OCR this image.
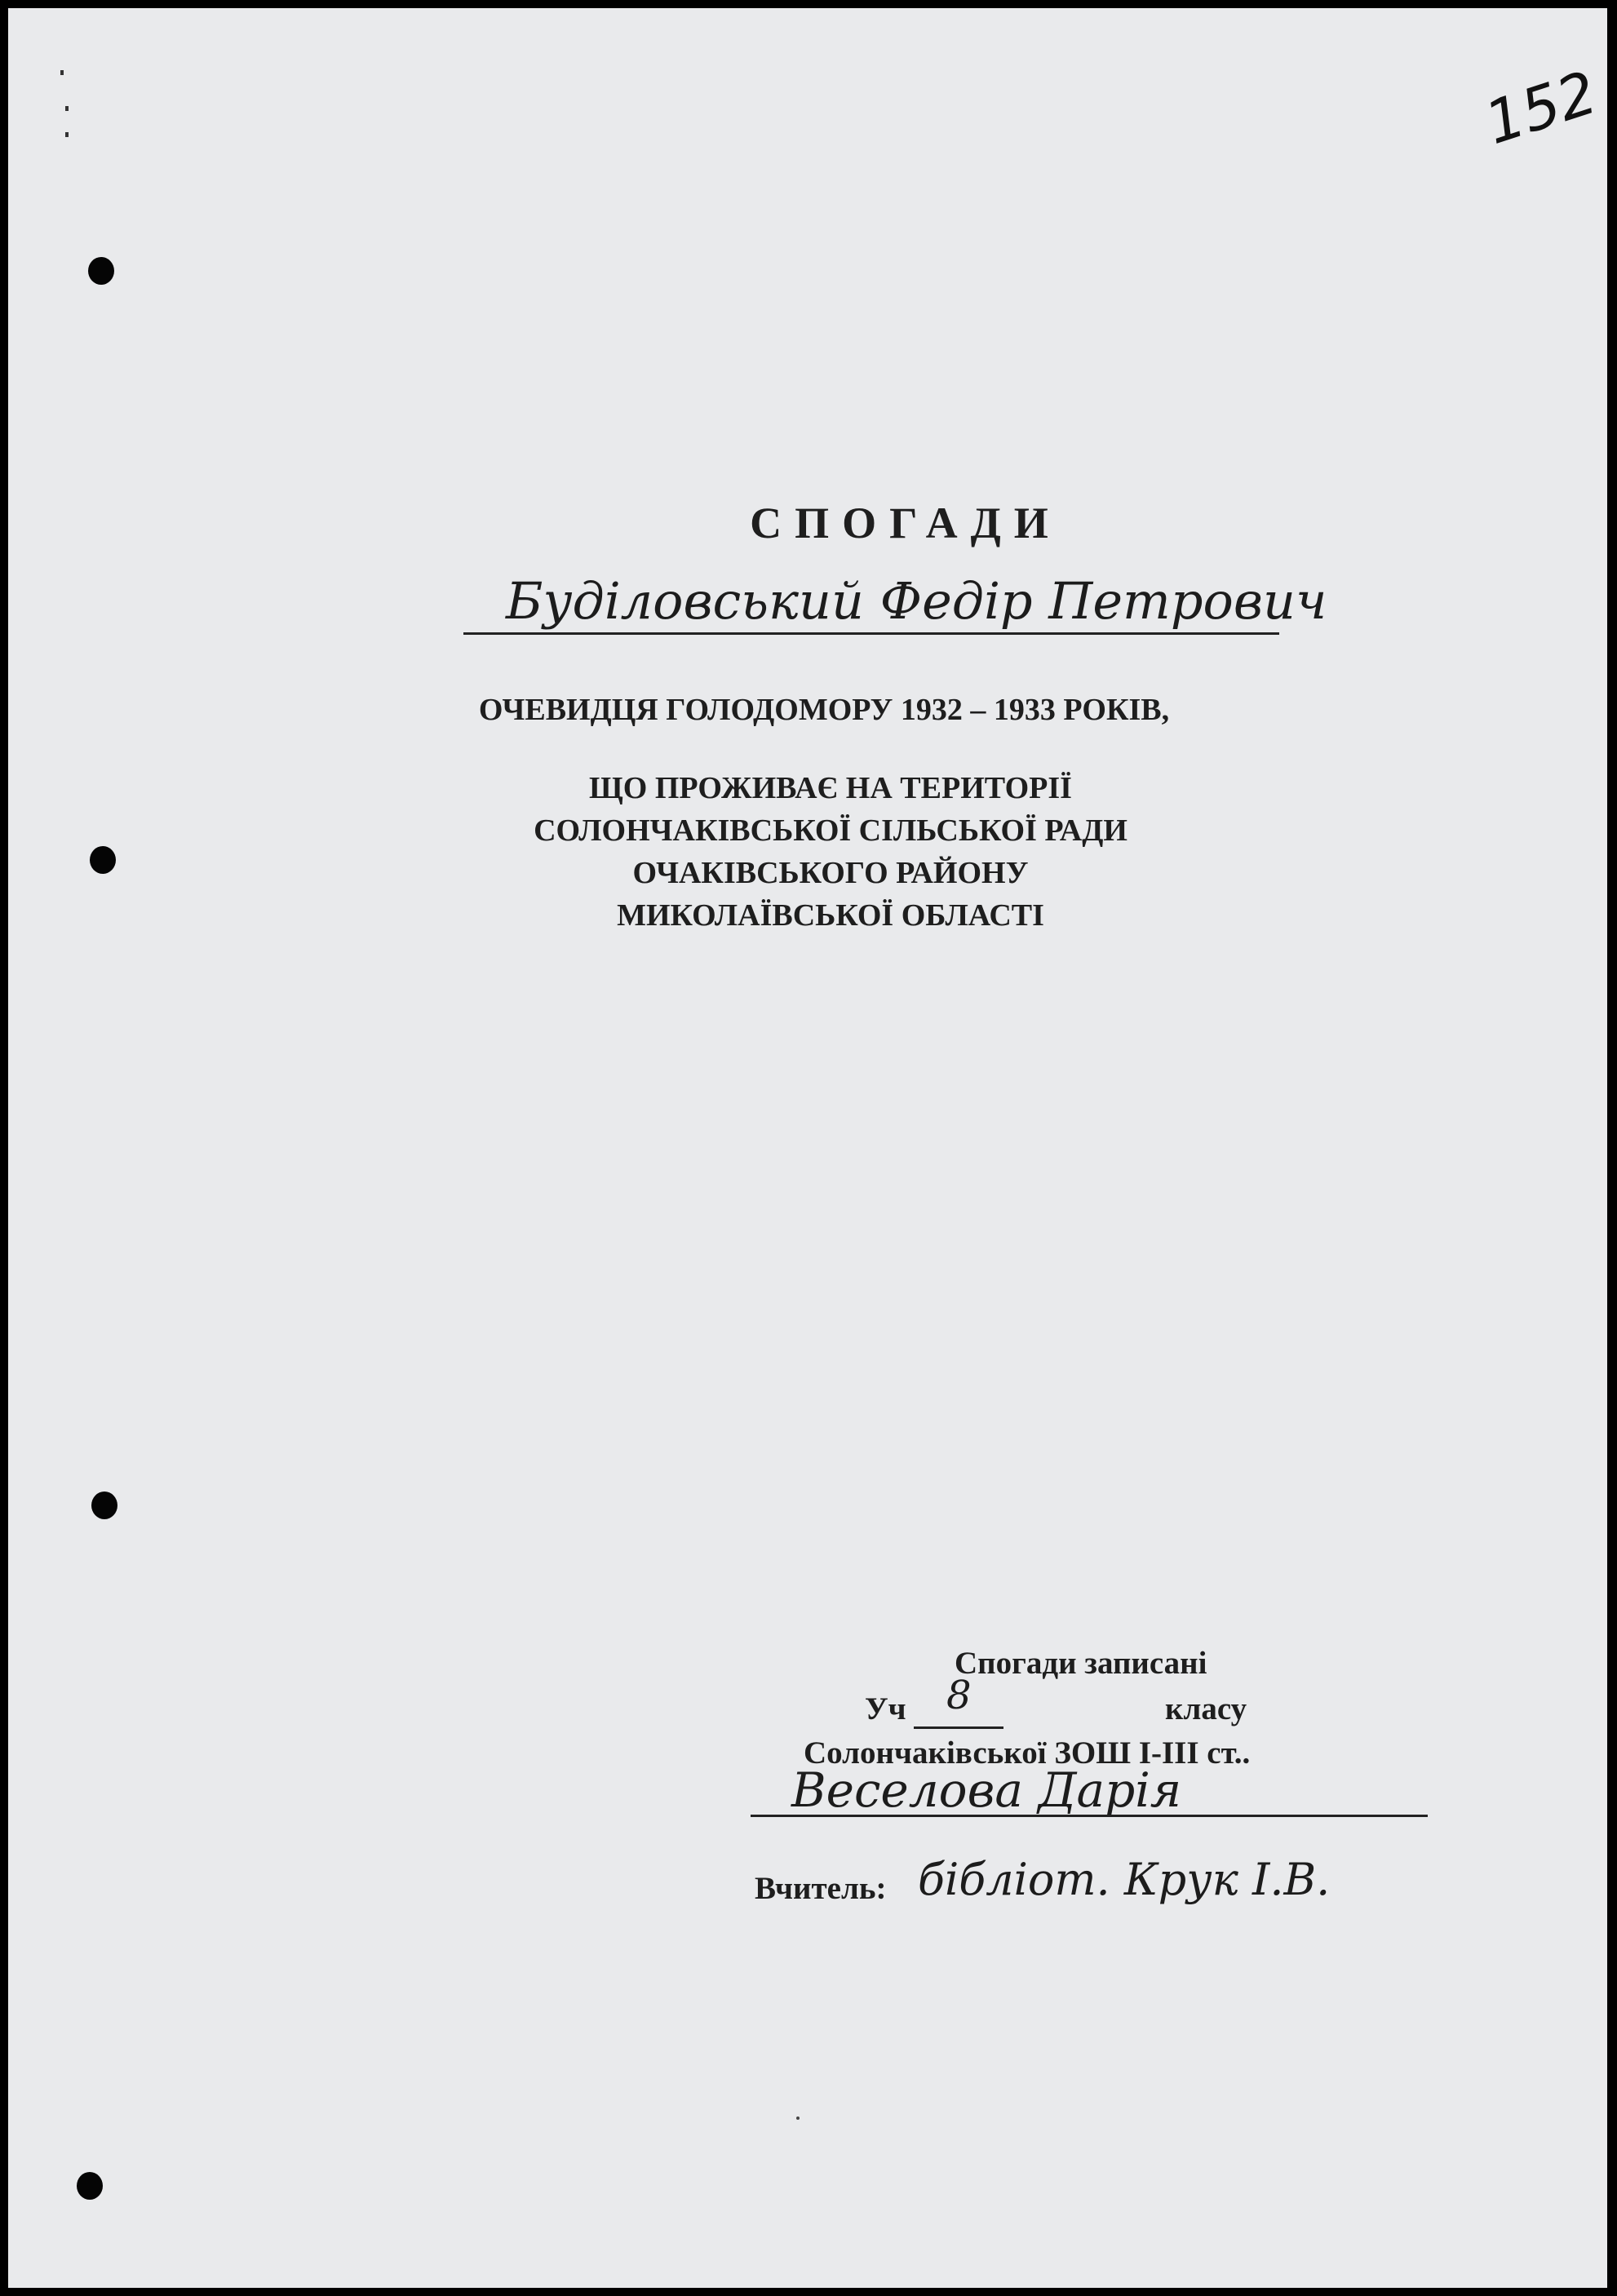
152
СПОГАДИ
Буділовський Федір Петрович
ОЧЕВИДЦЯ ГОЛОДОМОРУ 1932 – 1933 РОКІВ,
ЩО ПРОЖИВАЄ НА ТЕРИТОРІЇ
СОЛОНЧАКІВСЬКОЇ СІЛЬСЬКОЇ РАДИ
ОЧАКІВСЬКОГО РАЙОНУ
МИКОЛАЇВСЬКОЇ ОБЛАСТІ
Спогади записані
Уч 8	класу
Солончаківської ЗОШ І-ІІІ ст..
Веселова Дарія
Вчитель: бібліот. Крук І.В.
